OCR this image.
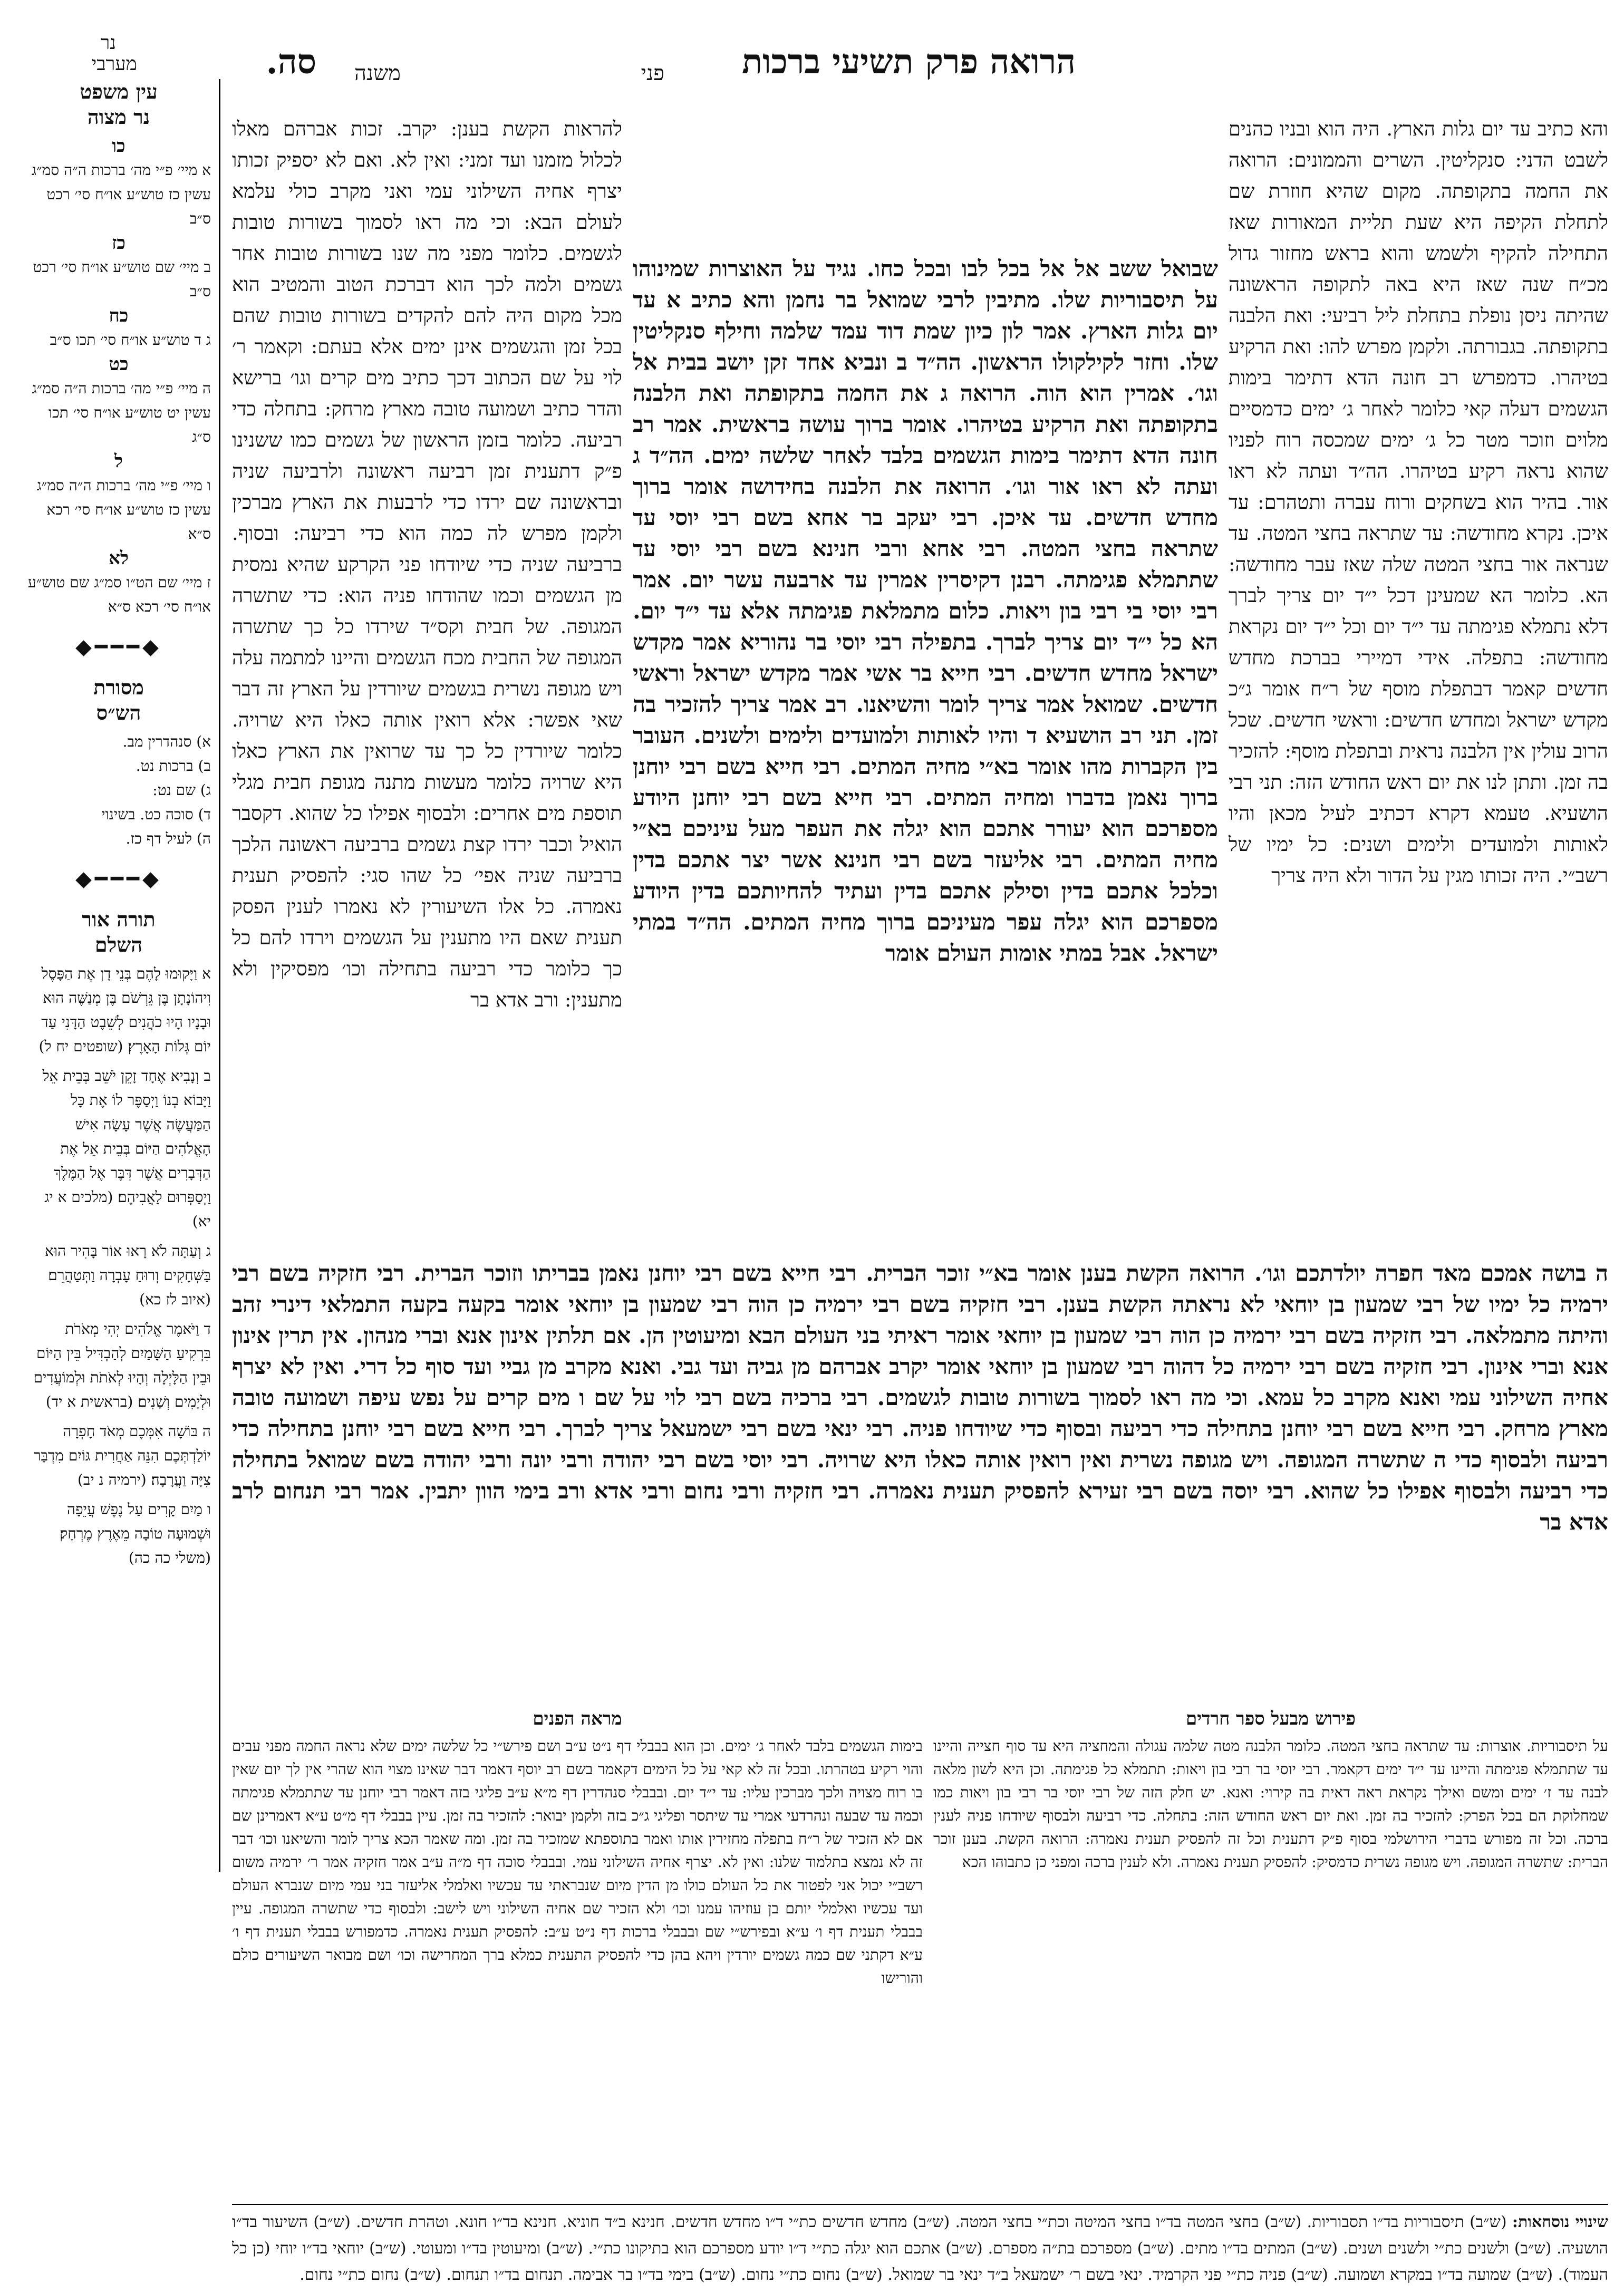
פני הרואה פרק תשיעי ברכות
משנה
סה.
נר
מערבי
עין משפט
נר מצוה
כו
א מיי׳ פ״י מה׳ ברכות ה״ה סמ״ג עשין כז טוש״ע או״ח סי׳ רכט ס״ב
כז
ב מיי׳ שם טוש״ע או״ח סי׳ רכט ס״ב
כח
ג ד טוש״ע או״ח סי׳ תכו ס״ב
כט
ה מיי׳ פ״י מה׳ ברכות ה״ה סמ״ג עשין יט טוש״ע או״ח סי׳ תכו ס״ג
ל
ו מיי׳ פ״י מה׳ ברכות ה״ה סמ״ג עשין כז טוש״ע או״ח סי׳ רכא ס״א
לא
ז מיי׳ שם הט״ו סמ״ג שם טוש״ע או״ח סי׳ רכא ס״א
◆━━━◆
מסורת
הש״ס
א) סנהדרין מב.
ב) ברכות נט.
ג) שם נט:
ד) סוכה כט. בשינוי
ה) לעיל דף כז.
◆━━━◆
תורה אור
השלם
א וַיָּקוּמוּ לָהֶם בְּנֵי דָן אֶת הַפָּסֶל וִיהוֹנָתָן בֶּן גֵּרְשֹׁם בֶּן מְנַשֶּׁה הוּא וּבָנָיו הָיוּ כֹהֲנִים לְשֵׁבֶט הַדָּנִי עַד יוֹם גְּלוֹת הָאָרֶץ׃ (שופטים יח ל)
ב וְנָבִיא אֶחָד זָקֵן יֹשֵׁב בְּבֵית אֵל וַיָּבוֹא בְנוֹ וַיְסַפֶּר לוֹ אֶת כָּל הַמַּעֲשֶׂה אֲשֶׁר עָשָׂה אִישׁ הָאֱלֹהִים הַיּוֹם בְּבֵית אֵל אֶת הַדְּבָרִים אֲשֶׁר דִּבֶּר אֶל הַמֶּלֶךְ וַיְסַפְּרוּם לַאֲבִיהֶם׃ (מלכים א יג יא)
ג וְעַתָּה לֹא רָאוּ אוֹר בָּהִיר הוּא בַּשְּׁחָקִים וְרוּחַ עָבְרָה וַתְּטַהֲרֵם׃ (איוב לז כא)
ד וַיֹּאמֶר אֱלֹהִים יְהִי מְאֹרֹת בִּרְקִיעַ הַשָּׁמַיִם לְהַבְדִּיל בֵּין הַיּוֹם וּבֵין הַלָּיְלָה וְהָיוּ לְאֹתֹת וּלְמוֹעֲדִים וּלְיָמִים וְשָׁנִים׃ (בראשית א יד)
ה בּוֹשָׁה אִמְּכֶם מְאֹד חָפְרָה יוֹלַדְתְּכֶם הִנֵּה אַחֲרִית גּוֹיִם מִדְבָּר צִיָּה וַעֲרָבָה׃ (ירמיה נ יב)
ו מַיִם קָרִים עַל נֶפֶשׁ עֲיֵפָה וּשְׁמוּעָה טוֹבָה מֵאֶרֶץ מֶרְחָק׃ (משלי כה כה)

והא כתיב עד יום גלות הארץ. היה הוא ובניו כהנים לשבט הדני: סנקליטין. השרים והממונים: הרואה את החמה בתקופתה. מקום שהיא חוזרת שם לתחלת הקיפה היא שעת תליית המאורות שאז התחילה להקיף ולשמש והוא בראש מחזור גדול מכ״ח שנה שאז היא באה לתקופה הראשונה שהיתה ניסן נופלת בתחלת ליל רביעי: ואת הלבנה בתקופתה. בגבורתה. ולקמן מפרש להו: ואת הרקיע בטיהרו. כדמפרש רב חונה הדא דתימר בימות הגשמים דעלה קאי כלומר לאחר ג׳ ימים כדמסיים מלוים וזוכר מטר כל ג׳ ימים שמכסה רוח לפניו שהוא נראה רקיע בטיהרו. הה״ד ועתה לא ראו אור. בהיר הוא בשחקים ורוח עברה ותטהרם: עד איכן. נקרא מחודשה: עד שתראה בחצי המטה. עד שנראה אור בחצי המטה שלה שאז עבר מחודשה: הא. כלומר הא שמעינן דכל י״ד יום צריך לברך דלא נתמלא פגימתה עד י״ד יום וכל י״ד יום נקראת מחודשה: בתפלה. אידי דמיירי בברכת מחדש חדשים קאמר דבתפלת מוסף של ר״ח אומר ג״כ מקדש ישראל ומחדש חדשים: וראשי חדשים. שכל הרוב עולין אין הלבנה נראית ובתפלת מוסף: להזכיר בה זמן. ותתן לנו את יום ראש החודש הזה: תני רבי הושעיא. טעמא דקרא דכתיב לעיל מכאן והיו לאותות ולמועדים ולימים ושנים: כל ימיו של רשב״י. היה זכותו מגין על הדור ולא היה צריך

שבואל ששב אל אל בכל לבו ובכל כחו. נגיד על האוצרות שמינוהו על תיסבוריות שלו. מתיבין לרבי שמואל בר נחמן והא כתיב א עד יום גלות הארץ. אמר לון כיון שמת דוד עמד שלמה וחילף סנקליטין שלו. וחזר לקילקולו הראשון. הה״ד ב ונביא אחד זקן יושב בבית אל וגו׳. אמרין הוא הוה. הרואה ג את החמה בתקופתה ואת הלבנה בתקופתה ואת הרקיע בטיהרו. אומר ברוך עושה בראשית. אמר רב חונה הדא דתימר בימות הגשמים בלבד לאחר שלשה ימים. הה״ד ג ועתה לא ראו אור וגו׳. הרואה את הלבנה בחידושה אומר ברוך מחדש חדשים. עד איכן. רבי יעקב בר אחא בשם רבי יוסי עד שתראה בחצי המטה. רבי אחא ורבי חנינא בשם רבי יוסי עד שתתמלא פגימתה. רבנן דקיסרין אמרין עד ארבעה עשר יום. אמר רבי יוסי בי רבי בון ויאות. כלום מתמלאת פגימתה אלא עד י״ד יום. הא כל י״ד יום צריך לברך. בתפילה רבי יוסי בר נהוריא אמר מקדש ישראל מחדש חדשים. רבי חייא בר אשי אמר מקדש ישראל וראשי חדשים. שמואל אמר צריך לומר והשיאנו. רב אמר צריך להזכיר בה זמן. תני רב הושעיא ד והיו לאותות ולמועדים ולימים ולשנים. העובר בין הקברות מהו אומר בא״י מחיה המתים. רבי חייא בשם רבי יוחנן ברוך נאמן בדברו ומחיה המתים. רבי חייא בשם רבי יוחנן היודע מספרכם הוא יעורר אתכם הוא יגלה את העפר מעל עיניכם בא״י מחיה המתים. רבי אליעזר בשם רבי חנינא אשר יצר אתכם בדין וכלכל אתכם בדין וסילק אתכם בדין ועתיד להחיותכם בדין היודע מספרכם הוא יגלה עפר מעיניכם ברוך מחיה המתים. הה״ד במתי ישראל. אבל במתי אומות העולם אומר

להראות הקשת בענן: יקרב. זכות אברהם מאלו לכלול מזמנו ועד זמני: ואין לא. ואם לא יספיק זכותו יצרף אחיה השילוני עמי ואני מקרב כולי עלמא לעולם הבא: וכי מה ראו לסמוך בשורות טובות לגשמים. כלומר מפני מה שנו בשורות טובות אחר גשמים ולמה לכך הוא דברכת הטוב והמטיב הוא מכל מקום היה להם להקדים בשורות טובות שהם בכל זמן והגשמים אינן ימים אלא בעתם: וקאמר ר׳ לוי על שם הכתוב דכך כתיב מים קרים וגו׳ ברישא והדר כתיב ושמועה טובה מארץ מרחק: בתחלה כדי רביעה. כלומר בזמן הראשון של גשמים כמו ששנינו פ״ק דתענית זמן רביעה ראשונה ולרביעה שניה ובראשונה שם ירדו כדי לרבעות את הארץ מברכין ולקמן מפרש לה כמה הוא כדי רביעה: ובסוף. ברביעה שניה כדי שיודחו פני הקרקע שהיא נמסית מן הגשמים וכמו שהודחו פניה הוא: כדי שתשרה המגופה. של חבית וקס״ד שירדו כל כך שתשרה המגופה של החבית מכח הגשמים והיינו למתמה עלה ויש מגופה נשרית בגשמים שיורדין על הארץ זה דבר שאי אפשר: אלא רואין אותה כאלו היא שרויה. כלומר שיורדין כל כך עד שרואין את הארץ כאלו היא שרויה כלומר מעשות מתנה מגופת חבית מגלי תוספת מים אחרים: ולבסוף אפילו כל שהוא. דקסבר הואיל וכבר ירדו קצת גשמים ברביעה ראשונה הלכך ברביעה שניה אפי׳ כל שהו סגי: להפסיק תענית נאמרה. כל אלו השיעורין לא נאמרו לענין הפסק תענית שאם היו מתענין על הגשמים וירדו להם כל כך כלומר כדי רביעה בתחילה וכו׳ מפסיקין ולא מתענין: ורב אדא בר

ה בושה אמכם מאד חפרה יולדתכם וגו׳. הרואה הקשת בענן אומר בא״י זוכר הברית. רבי חייא בשם רבי יוחנן נאמן בבריתו וזוכר הברית. רבי חזקיה בשם רבי ירמיה כל ימיו של רבי שמעון בן יוחאי לא נראתה הקשת בענן. רבי חזקיה בשם רבי ירמיה כן הוה רבי שמעון בן יוחאי אומר בקעה בקעה התמלאי דינרי זהב והיתה מתמלאה. רבי חזקיה בשם רבי ירמיה כן הוה רבי שמעון בן יוחאי אומר ראיתי בני העולם הבא ומיעוטין הן. אם תלתין אינון אנא וברי מנהון. אין תרין אינון אנא וברי אינון. רבי חזקיה בשם רבי ירמיה כל דהוה רבי שמעון בן יוחאי אומר יקרב אברהם מן גביה ועד גבי. ואנא מקרב מן גביי ועד סוף כל דרי. ואין לא יצרף אחיה השילוני עמי ואנא מקרב כל עמא. וכי מה ראו לסמוך בשורות טובות לגשמים. רבי ברכיה בשם רבי לוי על שם ו מים קרים על נפש עיפה ושמועה טובה מארץ מרחק. רבי חייא בשם רבי יוחנן בתחילה כדי רביעה ובסוף כדי שיודחו פניה. רבי ינאי בשם רבי ישמעאל צריך לברך. רבי חייא בשם רבי יוחנן בתחילה כדי רביעה ולבסוף כדי ה שתשרה המגופה. ויש מגופה נשרית ואין רואין אותה כאלו היא שרויה. רבי יוסי בשם רבי יהודה ורבי יונה ורבי יהודה בשם שמואל בתחילה כדי רביעה ולבסוף אפילו כל שהוא. רבי יוסה בשם רבי זעירא להפסיק תענית נאמרה. רבי חזקיה ורבי נחום ורבי אדא ורב בימי הוון יתבין. אמר רבי תנחום לרב אדא בר

פירוש מבעל ספר חרדים
על תיסבוריות. אוצרות: עד שתראה בחצי המטה. כלומר הלבנה מטה שלמה עגולה והמחציה היא עד סוף חצייה והיינו עד שתתמלא פגימתה והיינו עד י״ד ימים דקאמר. רבי יוסי בר רבי בון ויאות: תתמלא כל פגימתה. וכן היא לשון מלאה לבנה עד ז׳ ימים ומשם ואילך נקראת ראה דאית בה קירוי: ואנא. יש חלק הזה של רבי יוסי בר רבי בון ויאות כמו שמחלוקת הם בכל הפרק: להזכיר בה זמן. ואת יום ראש החודש הזה: בתחלה. כדי רביעה ולבסוף שיודחו פניה לענין ברכה. וכל זה מפורש בדברי הירושלמי בסוף פ״ק דתענית וכל זה להפסיק תענית נאמרה: הרואה הקשת. בענן זוכר הברית: שתשרה המגופה. ויש מגופה נשרית כדמסיק: להפסיק תענית נאמרה. ולא לענין ברכה ומפני כן כתבוהו הכא
מראה הפנים
בימות הגשמים בלבד לאחר ג׳ ימים. וכן הוא בבבלי דף נ״ט ע״ב ושם פירש״י כל שלשה ימים שלא נראה החמה מפני עבים והוי רקיע בטהרתו. ובכל זה לא קאי על כל הימים דקאמר בשם רב יוסף דאמר דבר שאינו מצוי הוא שהרי אין לך יום שאין בו רוח מצויה ולכך מברכין עליו: עד י״ד יום. ובבבלי סנהדרין דף מ״א ע״ב פליגי בזה דאמר רבי יוחנן עד שתתמלא פגימתה וכמה עד שבעה ונהרדעי אמרי עד שיתסר ופליגי ג״כ בזה ולקמן יבואר: להזכיר בה זמן. עיין בבבלי דף מ״ט ע״א דאמרינן שם אם לא הזכיר של ר״ח בתפלה מחזירין אותו ואמר בתוספתא שמזכיר בה זמן. ומה שאמר הכא צריך לומר והשיאנו וכו׳ דבר זה לא נמצא בתלמוד שלנו: ואין לא. יצרף אחיה השילוני עמי. ובבבלי סוכה דף מ״ה ע״ב אמר חזקיה אמר ר׳ ירמיה משום רשב״י יכול אני לפטור את כל העולם כולו מן הדין מיום שנבראתי עד עכשיו ואלמלי אליעזר בני עמי מיום שנברא העולם ועד עכשיו ואלמלי יותם בן עוזיהו עמנו וכו׳ ולא הזכיר שם אחיה השילוני ויש לישב: ולבסוף כדי שתשרה המגופה. עיין בבבלי תענית דף ו׳ ע״א ובפירש״י שם ובבבלי ברכות דף נ״ט ע״ב: להפסיק תענית נאמרה. כדמפורש בבבלי תענית דף ו׳ ע״א דקתני שם כמה גשמים יורדין ויהא בהן כדי להפסיק התענית כמלא ברך המחרישה וכו׳ ושם מבואר השיעורים כולם והורישו
שינויי נוסחאות: (ש״ב) תיסבוריות בד״ו תסבוריות. (ש״ב) בחצי המטה בד״ו בחצי המיטה וכת״י בחצי המטה. (ש״ב) מחדש חדשים כת״י ד״ו מחדש חדשים. חנינא ב״ד חוניא. חנינא בד״ו חונא. וטהרת חדשים. (ש״ב) השיעור בד״ו הושעיה. (ש״ב) ולשנים כת״י ולשנים ושנים. (ש״ב) המתים בד״ו מתים. (ש״ב) מספרכם בת״ה מספרם. (ש״ב) אתכם הוא יגלה כת״י ד״ו יודע מספרכם הוא בתיקונו כת״י. (ש״ב) ומיעוטין בד״ו ומעוטי. (ש״ב) יוחאי בד״ו יוחי (כן כל העמוד). (ש״ב) שמועה בד״ו במקרא ושמועה. (ש״ב) פניה כת״י פני הקרמיד. ינאי בשם ר׳ ישמעאל ב״ד ינאי בר שמואל. (ש״ב) נחום כת״י נחום. (ש״ב) בימי בד״ו בר אבימה. תנחום בד״ו תנחום. (ש״ב) נחום כת״י נחום.
